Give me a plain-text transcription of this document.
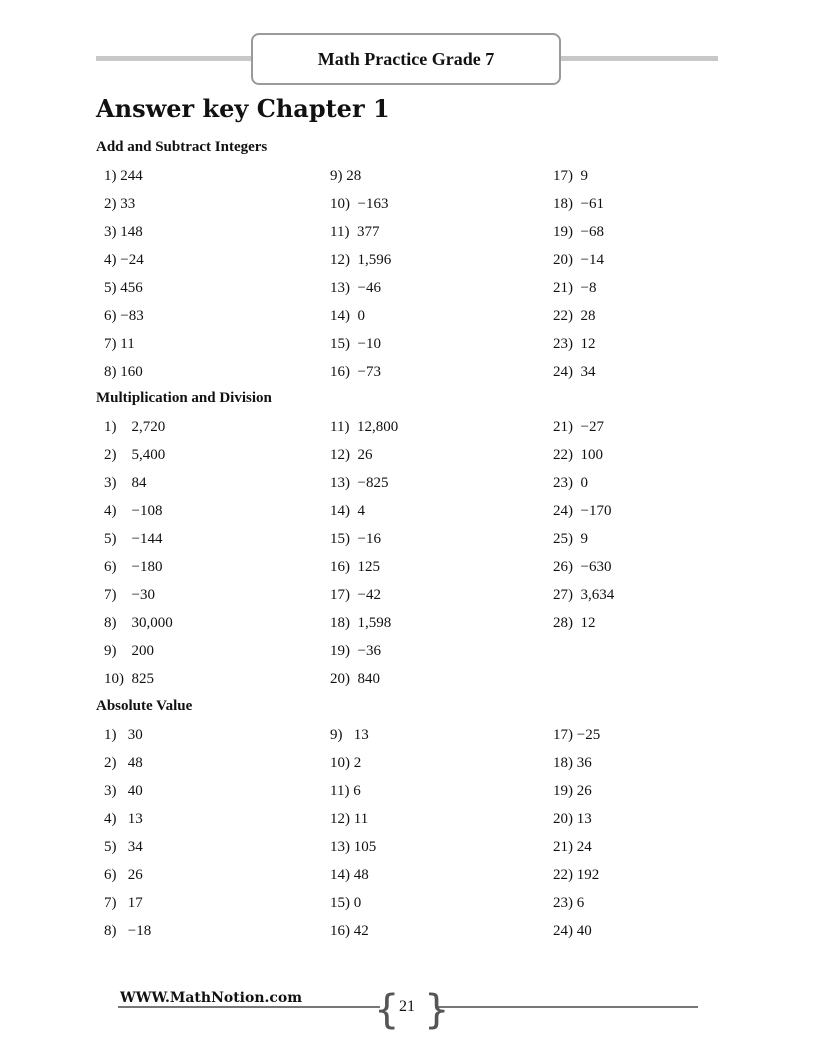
Math Practice Grade 7
Answer key Chapter 1
Add and Subtract Integers
1) 244
2) 33
3) 148
4) −24
5) 456
6) −83
7) 11
8) 160
9) 28
10)  −163
11)  377
12)  1,596
13)  −46
14)  0
15)  −10
16)  −73
17)  9
18)  −61
19)  −68
20)  −14
21)  −8
22)  28
23)  12
24)  34
Multiplication and Division
1)    2,720
2)    5,400
3)    84
4)    −108
5)    −144
6)    −180
7)    −30
8)    30,000
9)    200
10)  825
11)  12,800
12)  26
13)  −825
14)  4
15)  −16
16)  125
17)  −42
18)  1,598
19)  −36
20)  840
21)  −27
22)  100
23)  0
24)  −170
25)  9
26)  −630
27)  3,634
28)  12
Absolute Value
1)   30
2)   48
3)   40
4)   13
5)   34
6)   26
7)   17
8)   −18
9)   13
10) 2
11) 6
12) 11
13) 105
14) 48
15) 0
16) 42
17) −25
18) 36
19) 26
20) 13
21) 24
22) 192
23) 6
24) 40
WWW.MathNotion.com { }
21
